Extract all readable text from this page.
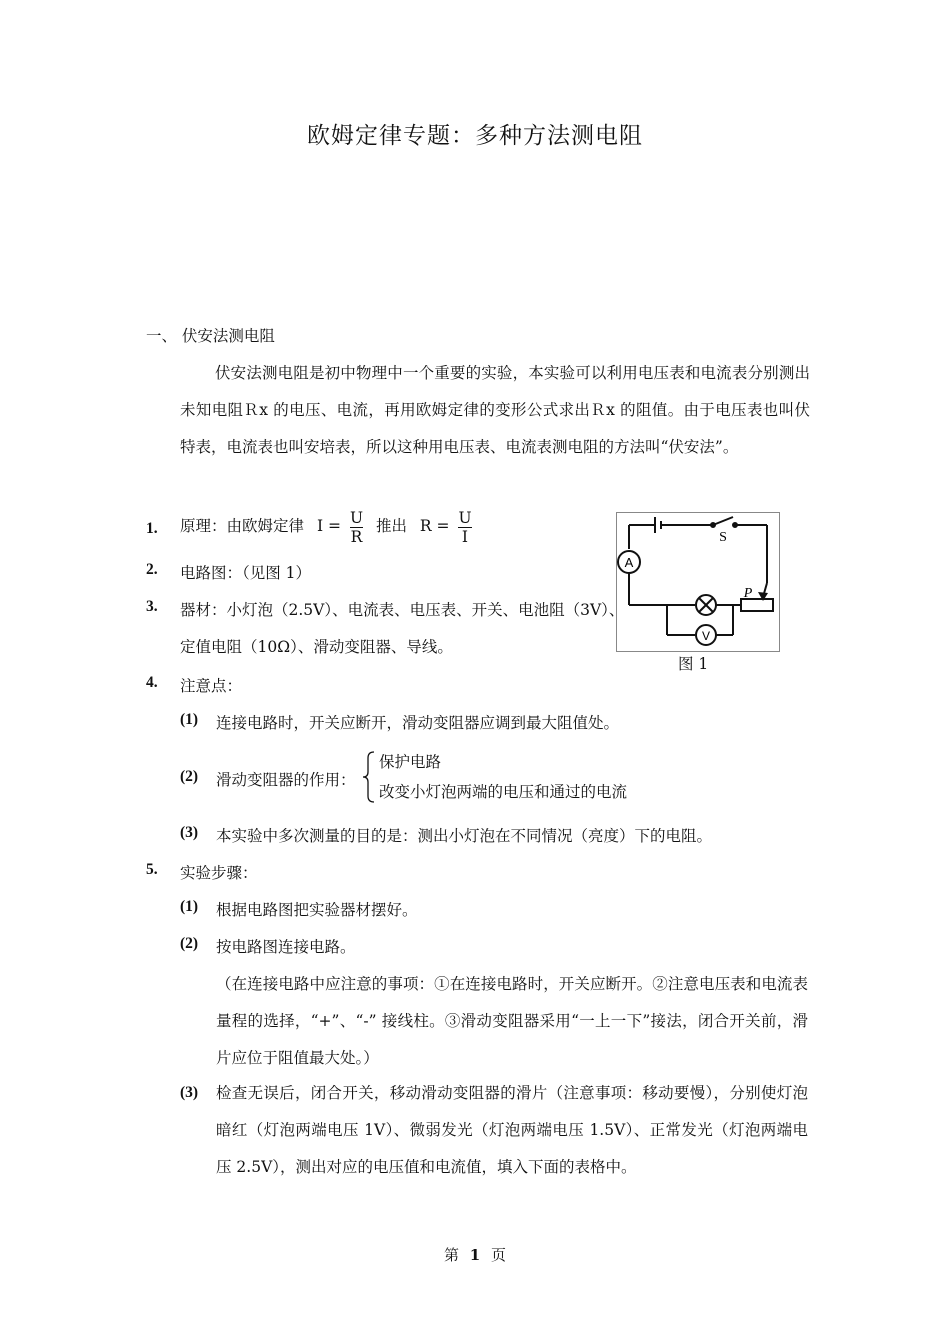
欧姆定律专题：多种方法测电阻
一、 伏安法测电阻
伏安法测电阻是初中物理中一个重要的实验，本实验可以利用电压表和电流表分别测出未知电阻Ｒx 的电压、电流，再用欧姆定律的变形公式求出Ｒx 的阻值。由于电压表也叫伏特表，电流表也叫安培表，所以这种用电压表、电流表测电阻的方法叫“伏安法”。
1. 原理：由欧姆定律 $I = \frac{U}{R}$ 推出 $R = \frac{U}{I}$
2. 电路图：（见图 1）
3. 器材：小灯泡（2.5V）、电流表、电压表、开关、电池阻（3V）、
定值电阻（10Ω）、滑动变阻器、导线。
A
V
S
P
图 1
4. 注意点：
(1) 连接电路时，开关应断开，滑动变阻器应调到最大阻值处。
(2) 滑动变阻器的作用：
保护电路
改变小灯泡两端的电压和通过的电流
(3) 本实验中多次测量的目的是：测出小灯泡在不同情况（亮度）下的电阻。
5. 实验步骤：
(1) 根据电路图把实验器材摆好。
(2) 按电路图连接电路。
（在连接电路中应注意的事项：①在连接电路时，开关应断开。②注意电压表和电流表量程的选择，“+”、“-” 接线柱。③滑动变阻器采用“一上一下”接法，闭合开关前，滑片应位于阻值最大处。）
(3) 检查无误后，闭合开关，移动滑动变阻器的滑片（注意事项：移动要慢），分别使灯泡暗红（灯泡两端电压 1V）、微弱发光（灯泡两端电压 1.5V）、正常发光（灯泡两端电压 2.5V），测出对应的电压值和电流值，填入下面的表格中。
第 1 页
